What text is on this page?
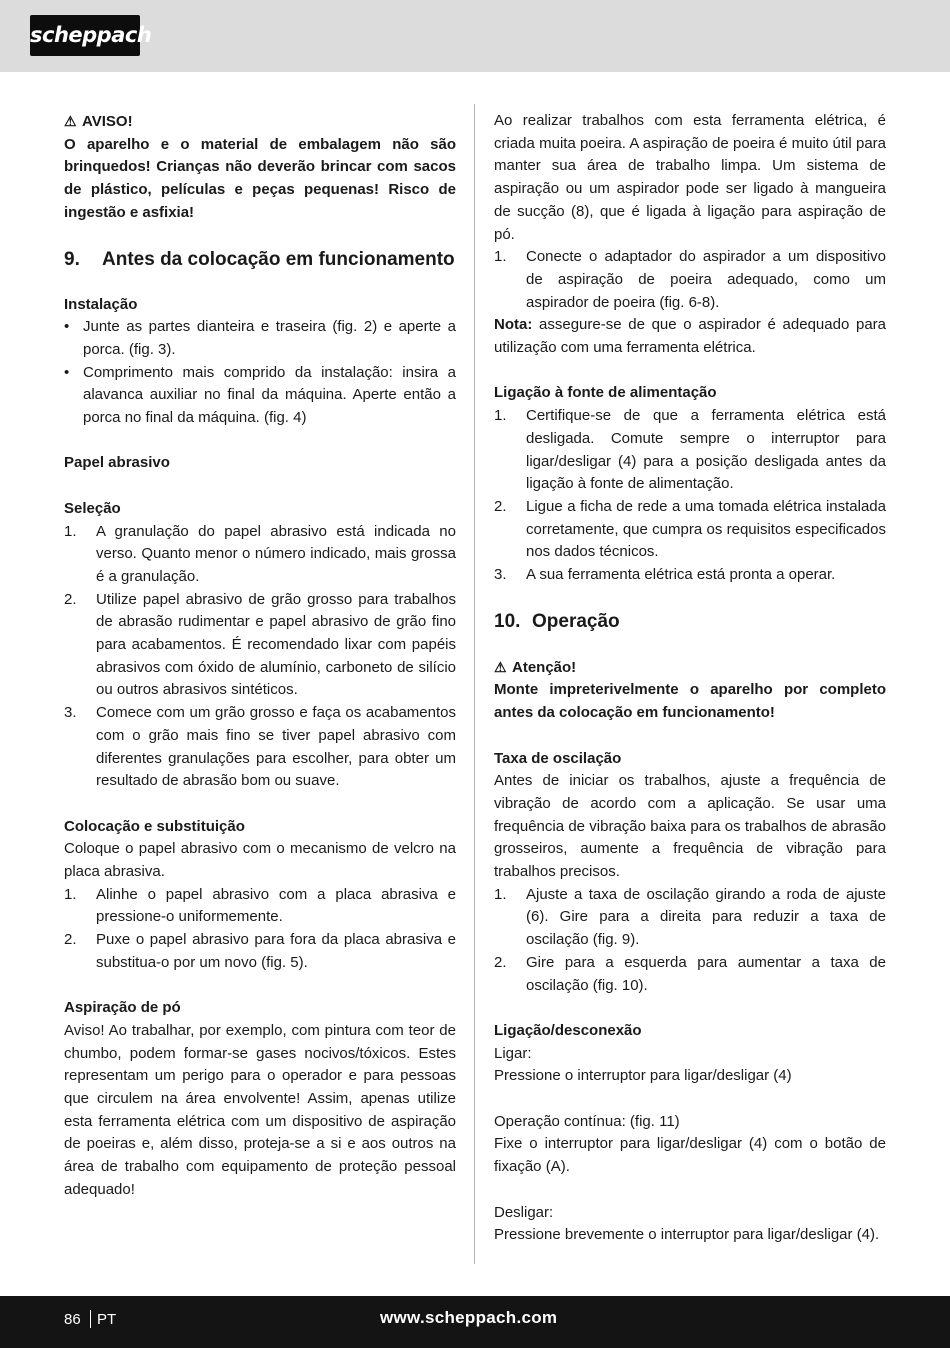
scheppach
⚠ AVISO!

O aparelho e o material de embalagem não são brinquedos! Crianças não deverão brincar com sacos de plástico, películas e peças pequenas! Risco de ingestão e asfixia!

9.	Antes da colocação em funcionamento
Instalação
• Junte as partes dianteira e traseira (fig. 2) e aperte a porca. (fig. 3).
• Comprimento mais comprido da instalação: insira a alavanca auxiliar no final da máquina. Aperte então a porca no final da máquina. (fig. 4)
Papel abrasivo
Seleção
1.	A granulação do papel abrasivo está indicada no verso. Quanto menor o número indicado, mais grossa é a granulação.
2.	Utilize papel abrasivo de grão grosso para trabalhos de abrasão rudimentar e papel abrasivo de grão fino para acabamentos. É recomendado lixar com papéis abrasivos com óxido de alumínio, carboneto de silício ou outros abrasivos sintéticos.
3.	Comece com um grão grosso e faça os acabamentos com o grão mais fino se tiver papel abrasivo com diferentes granulações para escolher, para obter um resultado de abrasão bom ou suave.
Colocação e substituição

Coloque o papel abrasivo com o mecanismo de velcro na placa abrasiva.

1.	Alinhe o papel abrasivo com a placa abrasiva e pressione-o uniformemente.
2.	Puxe o papel abrasivo para fora da placa abrasiva e substitua-o por um novo (fig. 5).
Aspiração de pó

Aviso! Ao trabalhar, por exemplo, com pintura com teor de chumbo, podem formar-se gases nocivos/tóxicos. Estes representam um perigo para o operador e para pessoas que circulem na área envolvente! Assim, apenas utilize esta ferramenta elétrica com um dispositivo de aspiração de poeiras e, além disso, proteja-se a si e aos outros na área de trabalho com equipamento de proteção pessoal adequado!

Ao realizar trabalhos com esta ferramenta elétrica, é criada muita poeira. A aspiração de poeira é muito útil para manter sua área de trabalho limpa. Um sistema de aspiração ou um aspirador pode ser ligado à mangueira de sucção (8), que é ligada à ligação para aspiração de pó.

1.	Conecte o adaptador do aspirador a um dispositivo de aspiração de poeira adequado, como um aspirador de poeira (fig. 6-8).

Nota: assegure-se de que o aspirador é adequado para utilização com uma ferramenta elétrica.

Ligação à fonte de alimentação
1.	Certifique-se de que a ferramenta elétrica está desligada. Comute sempre o interruptor para ligar/desligar (4) para a posição desligada antes da ligação à fonte de alimentação.
2.	Ligue a ficha de rede a uma tomada elétrica instalada corretamente, que cumpra os requisitos especificados nos dados técnicos.
3.	A sua ferramenta elétrica está pronta a operar.
10. Operação
⚠ Atenção!

Monte impreterivelmente o aparelho por completo antes da colocação em funcionamento!

Taxa de oscilação

Antes de iniciar os trabalhos, ajuste a frequência de vibração de acordo com a aplicação. Se usar uma frequência de vibração baixa para os trabalhos de abrasão grosseiros, aumente a frequência de vibração para trabalhos precisos.

1.	Ajuste a taxa de oscilação girando a roda de ajuste (6). Gire para a direita para reduzir a taxa de oscilação (fig. 9).
2.	Gire para a esquerda para aumentar a taxa de oscilação (fig. 10).
Ligação/desconexão

Ligar:

Pressione o interruptor para ligar/desligar (4)

Operação contínua: (fig. 11)

Fixe o interruptor para ligar/desligar (4) com o botão de fixação (A).

Desligar:

Pressione brevemente o interruptor para ligar/desligar (4).

86 PT	www.scheppach.com
